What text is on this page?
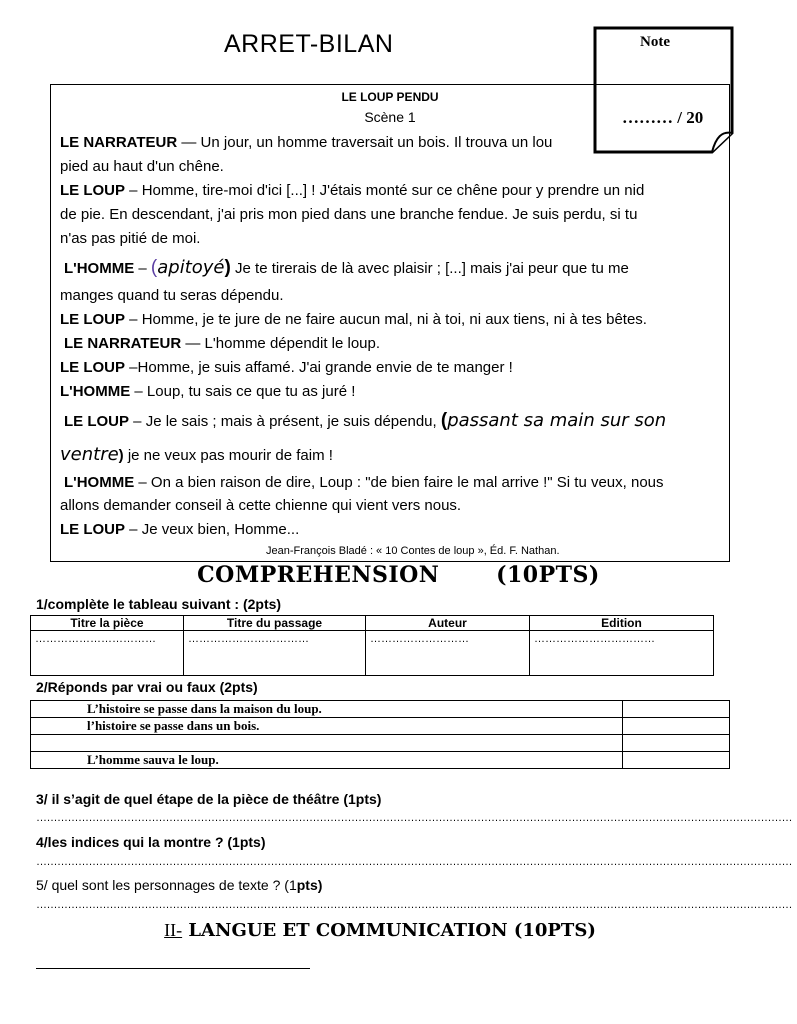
ARRET-BILAN	Note
……… / 20
LE LOUP PENDU
Scène 1
LE NARRATEUR — Un jour, un homme traversait un bois. Il trouva un lou
pied au haut d'un chêne.
LE LOUP – Homme, tire-moi d'ici [...] ! J'étais monté sur ce chêne pour y prendre un nid
de pie. En descendant, j'ai pris mon pied dans une branche fendue. Je suis perdu, si tu
n'as pas pitié de moi.
L'HOMME – (apitoyé) Je te tirerais de là avec plaisir ; [...] mais j'ai peur que tu me
manges quand tu seras dépendu.
LE LOUP – Homme, je te jure de ne faire aucun mal, ni à toi, ni aux tiens, ni à tes bêtes.
LE NARRATEUR — L'homme dépendit le loup.
LE LOUP –Homme, je suis affamé. J'ai grande envie de te manger !
L'HOMME – Loup, tu sais ce que tu as juré !
LE LOUP – Je le sais ; mais à présent, je suis dépendu, (passant sa main sur son
ventre) je ne veux pas mourir de faim !
L'HOMME – On a bien raison de dire, Loup : "de bien faire le mal arrive !" Si tu veux, nous
allons demander conseil à cette chienne qui vient vers nous.
LE LOUP – Je veux bien, Homme...
Jean-François Bladé : « 10 Contes de loup », Éd. F. Nathan.
COMPREHENSION	(10PTS)
1/complète le tableau suivant : (2pts)
Titre la pièce	Titre du passage	Auteur	Edition
……………………………	……………………………	………………………	……………………………
2/Réponds par vrai ou faux (2pts)
L’histoire se passe dans la maison du loup.	
l’histoire se passe dans un bois.	

L’homme sauva le loup.	
3/ il s’agit de quel étape de la pièce de théâtre (1pts)
………………………………………………………………………………………………………………………………………………………………………………………………
4/les indices qui la montre ? (1pts)
………………………………………………………………………………………………………………………………………………………………………………………………
5/ quel sont les personnages de texte ? (1pts)
………………………………………………………………………………………………………………………………………………………………………………………………
II- LANGUE ET COMMUNICATION (10PTS)
